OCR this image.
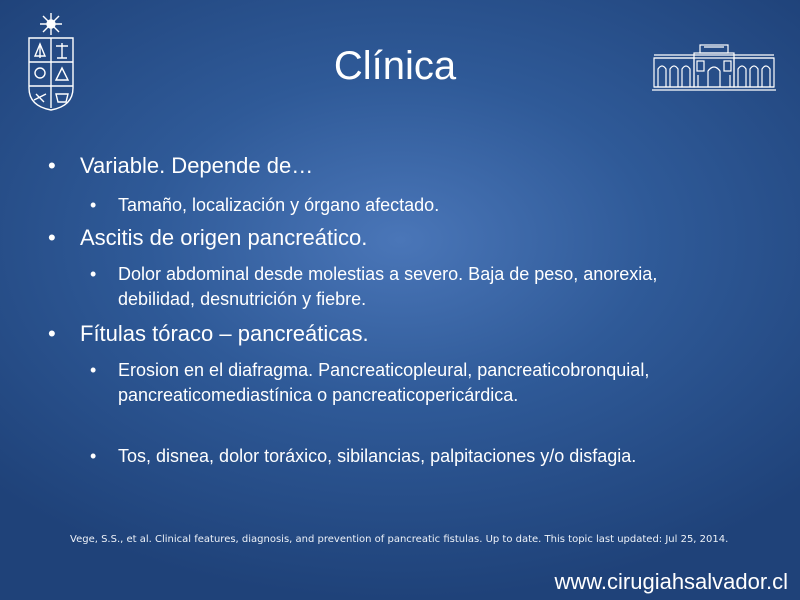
Clínica
• Variable. Depende de…
• Tamaño, localización y órgano afectado.
• Ascitis de origen pancreático.
• Dolor abdominal desde molestias a severo. Baja de peso, anorexia, debilidad, desnutrición y fiebre.
• Fítulas tóraco – pancreáticas.
• Erosion en el diafragma. Pancreaticopleural, pancreaticobronquial, pancreaticomediastínica o pancreaticopericárdica.
• Tos, disnea, dolor toráxico, sibilancias, palpitaciones y/o disfagia.
Vege, S.S., et al. Clinical features, diagnosis, and prevention of pancreatic fistulas. Up to date. This topic last updated: Jul 25, 2014.
www.cirugiahsalvador.cl
